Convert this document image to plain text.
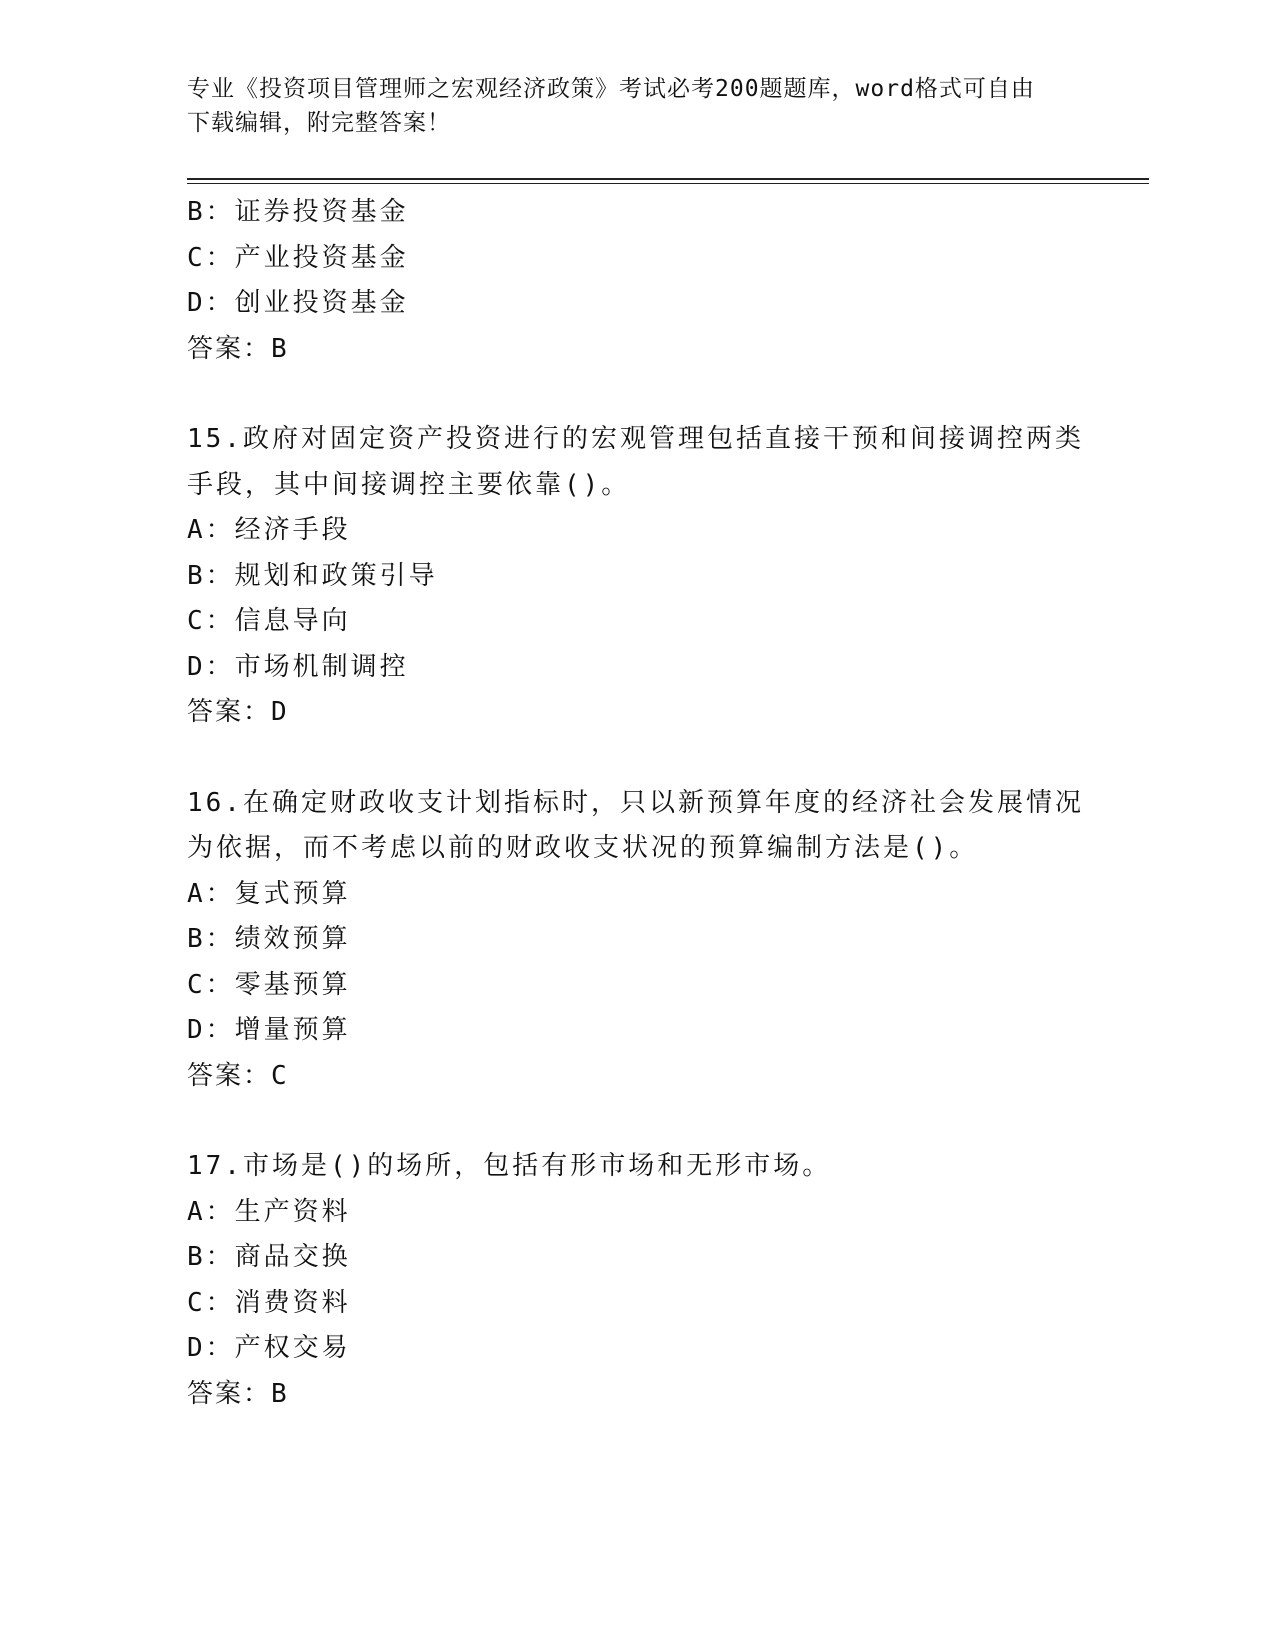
专业《投资项目管理师之宏观经济政策》考试必考200题题库，word格式可自由
下载编辑，附完整答案！
B：证券投资基金
C：产业投资基金
D：创业投资基金
答案：B
15.政府对固定资产投资进行的宏观管理包括直接干预和间接调控两类
手段，其中间接调控主要依靠()。
A：经济手段
B：规划和政策引导
C：信息导向
D：市场机制调控
答案：D
16.在确定财政收支计划指标时，只以新预算年度的经济社会发展情况
为依据，而不考虑以前的财政收支状况的预算编制方法是()。
A：复式预算
B：绩效预算
C：零基预算
D：增量预算
答案：C
17.市场是()的场所，包括有形市场和无形市场。
A：生产资料
B：商品交换
C：消费资料
D：产权交易
答案：B
